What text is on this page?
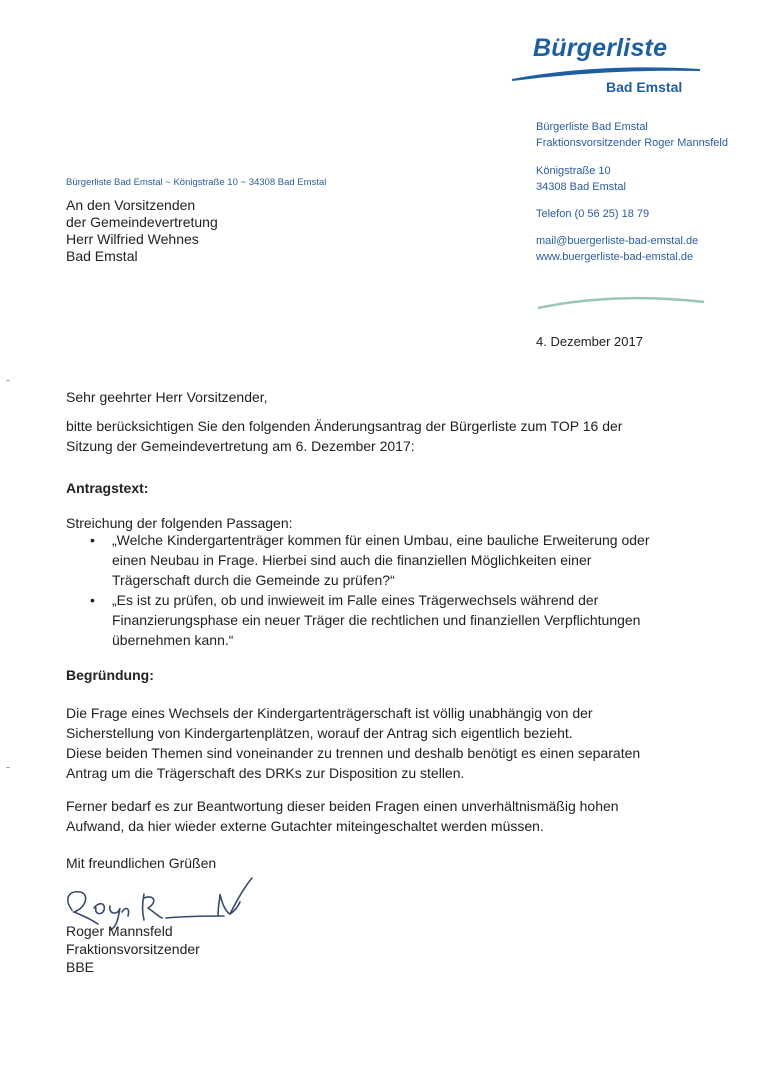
Bürgerliste
Bad Emstal
Bürgerliste Bad Emstal
Fraktionsvorsitzender Roger Mannsfeld
Königstraße 10
34308 Bad Emstal
Telefon (0 56 25) 18 79
mail@buergerliste-bad-emstal.de
www.buergerliste-bad-emstal.de
Bürgerliste Bad Emstal ~ Königstraße 10 ~ 34308 Bad Emstal
An den Vorsitzenden
der Gemeindevertretung
Herr Wilfried Wehnes
Bad Emstal
4. Dezember 2017
Sehr geehrter Herr Vorsitzender,
bitte berücksichtigen Sie den folgenden Änderungsantrag der Bürgerliste zum TOP 16 der
Sitzung der Gemeindevertretung am 6. Dezember 2017:
Antragstext:
Streichung der folgenden Passagen:
• „Welche Kindergartenträger kommen für einen Umbau, eine bauliche Erweiterung oder
einen Neubau in Frage. Hierbei sind auch die finanziellen Möglichkeiten einer
Trägerschaft durch die Gemeinde zu prüfen?“
• „Es ist zu prüfen, ob und inwieweit im Falle eines Trägerwechsels während der
Finanzierungsphase ein neuer Träger die rechtlichen und finanziellen Verpflichtungen
übernehmen kann.“
Begründung:
Die Frage eines Wechsels der Kindergartenträgerschaft ist völlig unabhängig von der
Sicherstellung von Kindergartenplätzen, worauf der Antrag sich eigentlich bezieht.
Diese beiden Themen sind voneinander zu trennen und deshalb benötigt es einen separaten
Antrag um die Trägerschaft des DRKs zur Disposition zu stellen.
Ferner bedarf es zur Beantwortung dieser beiden Fragen einen unverhältnismäßig hohen
Aufwand, da hier wieder externe Gutachter miteingeschaltet werden müssen.
Mit freundlichen Grüßen
Roger Mannsfeld
Fraktionsvorsitzender
BBE
